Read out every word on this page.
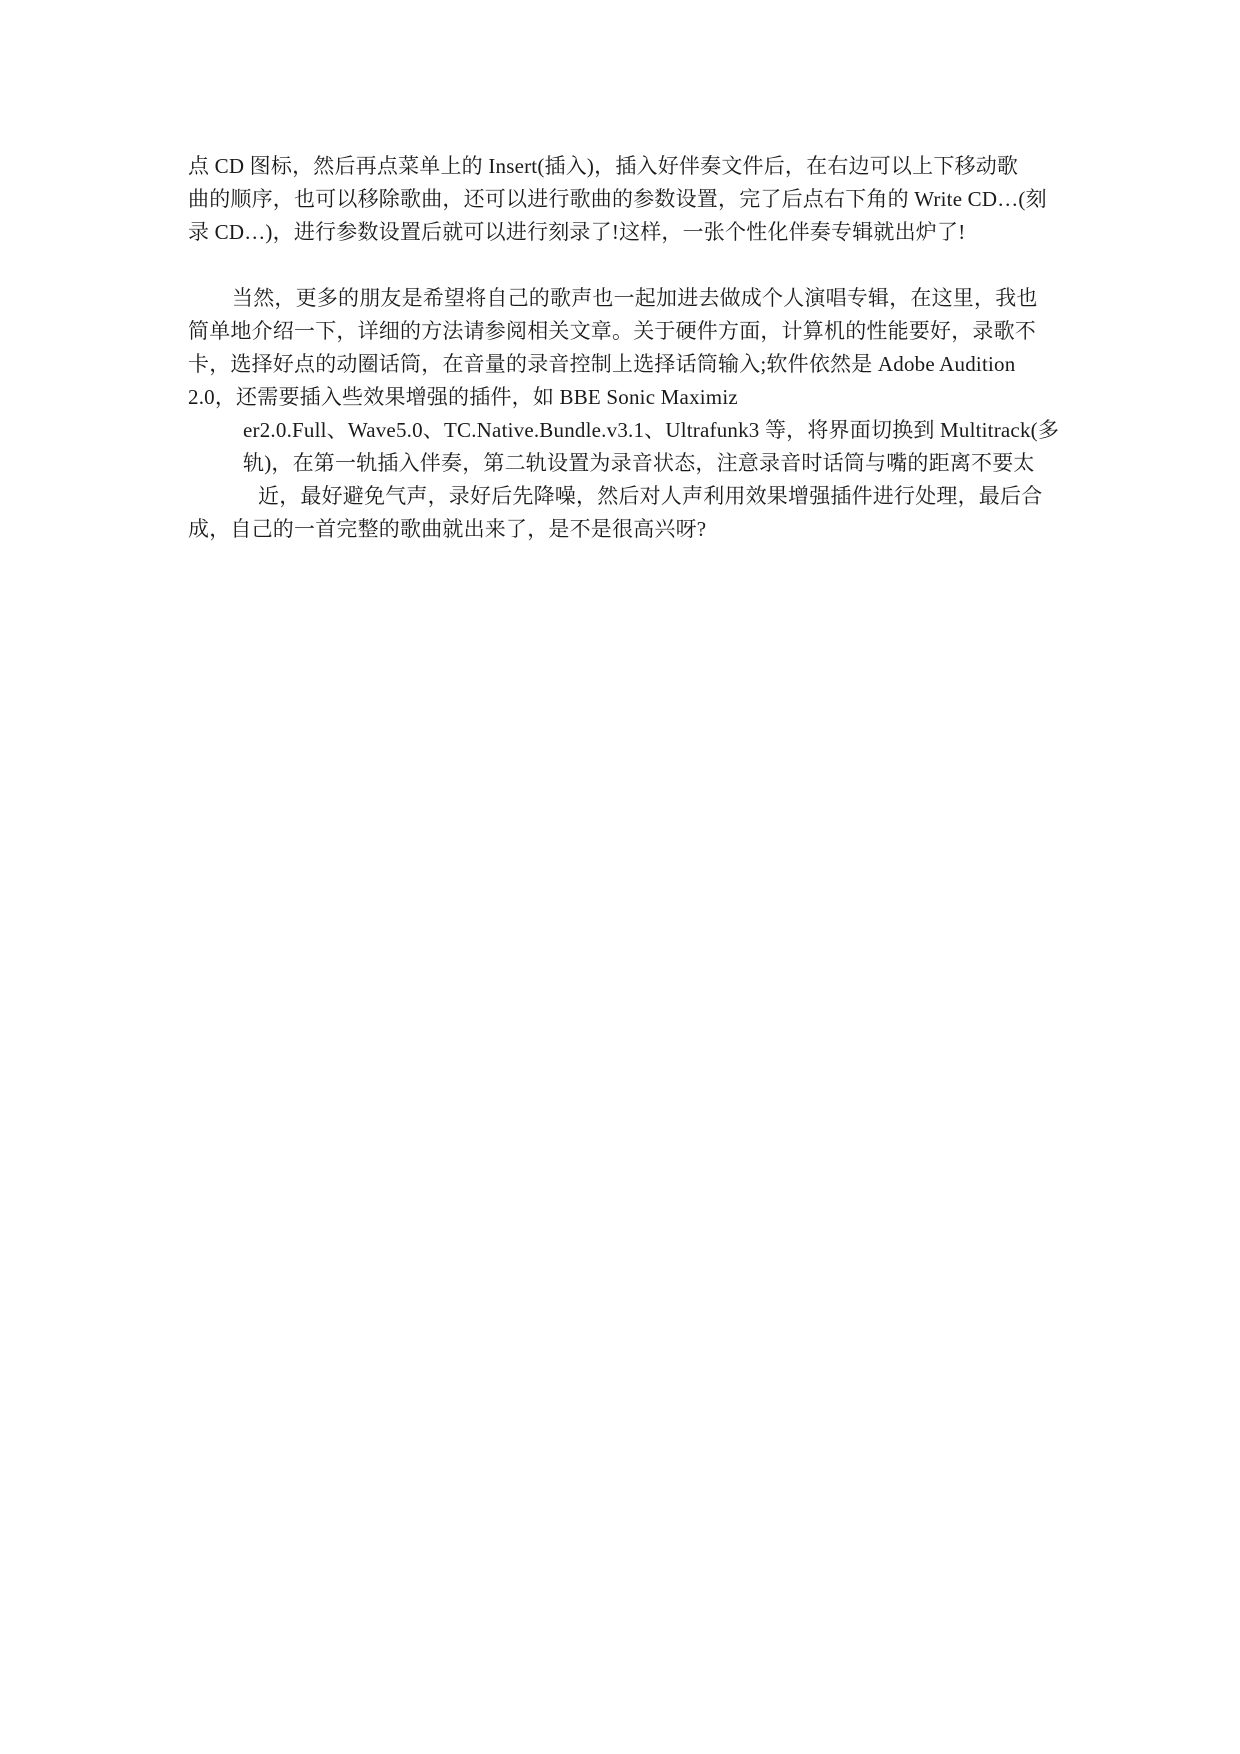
点 CD 图标，然后再点菜单上的 Insert(插入)，插入好伴奏文件后，在右边可以上下移动歌
曲的顺序，也可以移除歌曲，还可以进行歌曲的参数设置，完了后点右下角的 Write CD…(刻
录 CD…)，进行参数设置后就可以进行刻录了!这样，一张个性化伴奏专辑就出炉了!
当然，更多的朋友是希望将自己的歌声也一起加进去做成个人演唱专辑，在这里，我也
简单地介绍一下，详细的方法请参阅相关文章。关于硬件方面，计算机的性能要好，录歌不
卡，选择好点的动圈话筒，在音量的录音控制上选择话筒输入;软件依然是 Adobe Audition
2.0，还需要插入些效果增强的插件，如 BBE Sonic Maximiz
er2.0.Full、Wave5.0、TC.Native.Bundle.v3.1、Ultrafunk3 等，将界面切换到 Multitrack(多
轨)，在第一轨插入伴奏，第二轨设置为录音状态，注意录音时话筒与嘴的距离不要太
近，最好避免气声，录好后先降噪，然后对人声利用效果增强插件进行处理，最后合
成，自己的一首完整的歌曲就出来了，是不是很高兴呀?
